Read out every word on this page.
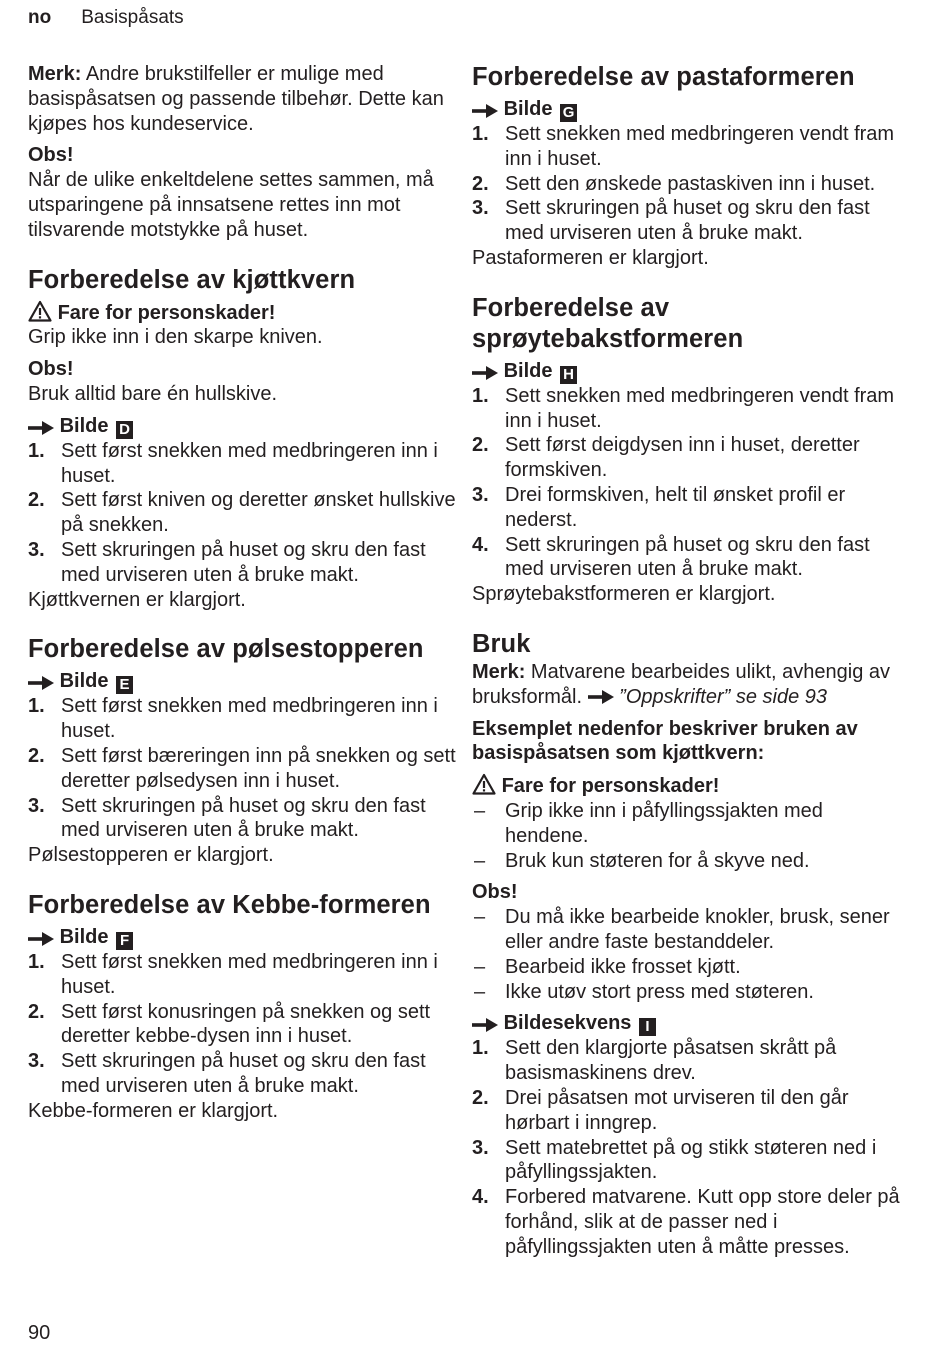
no Basispåsats

Merk: Andre brukstilfeller er mulige med basispåsatsen og passende tilbehør. Dette kan kjøpes hos kundeservice.

Obs!

Når de ulike enkeltdelene settes sammen, må utsparingene på innsatsene rettes inn mot tilsvarende motstykke på huset.

Forberedelse av kjøttkvern

Fare for personskader!

Grip ikke inn i den skarpe kniven.

Obs!

Bruk alltid bare én hullskive.

Bilde D

1. Sett først snekken med medbringeren inn i huset.
2. Sett først kniven og deretter ønsket hullskive på snekken.
3. Sett skruringen på huset og skru den fast med urviseren uten å bruke makt.

Kjøttkvernen er klargjort.

Forberedelse av pølsestopperen

Bilde E

1. Sett først snekken med medbringeren inn i huset.
2. Sett først bæreringen inn på snekken og sett deretter pølsedysen inn i huset.
3. Sett skruringen på huset og skru den fast med urviseren uten å bruke makt.

Pølsestopperen er klargjort.

Forberedelse av Kebbe-formeren

Bilde F

1. Sett først snekken med medbringeren inn i huset.
2. Sett først konusringen på snekken og sett deretter kebbe-dysen inn i huset.
3. Sett skruringen på huset og skru den fast med urviseren uten å bruke makt.

Kebbe-formeren er klargjort.

Forberedelse av pastaformeren

Bilde G

1. Sett snekken med medbringeren vendt fram inn i huset.
2. Sett den ønskede pastaskiven inn i huset.
3. Sett skruringen på huset og skru den fast med urviseren uten å bruke makt.

Pastaformeren er klargjort.

Forberedelse av sprøytebakstformeren

Bilde H

1. Sett snekken med medbringeren vendt fram inn i huset.
2. Sett først deigdysen inn i huset, deretter formskiven.
3. Drei formskiven, helt til ønsket profil er nederst.
4. Sett skruringen på huset og skru den fast med urviseren uten å bruke makt.

Sprøytebakstformeren er klargjort.

Bruk

Merk: Matvarene bearbeides ulikt, avhengig av bruksformål.  ”Oppskrifter” se side 93

Eksemplet nedenfor beskriver bruken av basispåsatsen som kjøttkvern:

Fare for personskader!

– Grip ikke inn i påfyllingssjakten med hendene.
– Bruk kun støteren for å skyve ned.

Obs!

– Du må ikke bearbeide knokler, brusk, sener eller andre faste bestanddeler.
– Bearbeid ikke frosset kjøtt.
– Ikke utøv stort press med støteren.

Bildesekvens I

1. Sett den klargjorte påsatsen skrått på basismaskinens drev.
2. Drei påsatsen mot urviseren til den går hørbart i inngrep.
3. Sett matebrettet på og stikk støteren ned i påfyllingssjakten.
4. Forbered matvarene. Kutt opp store deler på forhånd, slik at de passer ned i påfyllingssjakten uten å måtte presses.
90
